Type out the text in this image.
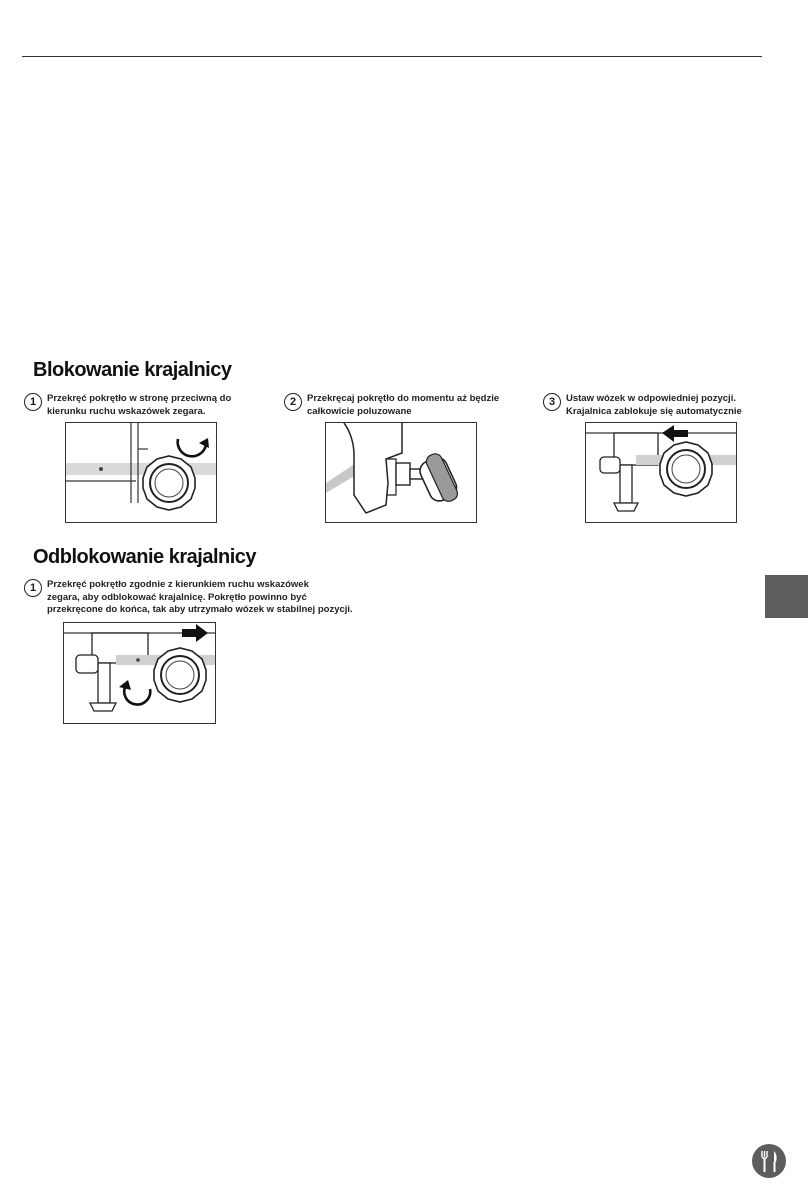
Blokowanie krajalnicy
1	Przekręć pokrętło w stronę przeciwną do
kierunku ruchu wskazówek zegara.

2	Przekręcaj pokrętło do momentu aż będzie
całkowicie poluzowane

3	Ustaw wózek w odpowiedniej pozycji.
Krajalnica zablokuje się automatycznie

Odblokowanie krajalnicy
1	Przekręć pokrętło zgodnie z kierunkiem ruchu wskazówek
zegara, aby odblokować krajalnicę. Pokrętło powinno być
przekręcone do końca, tak aby utrzymało wózek w stabilnej pozycji.
